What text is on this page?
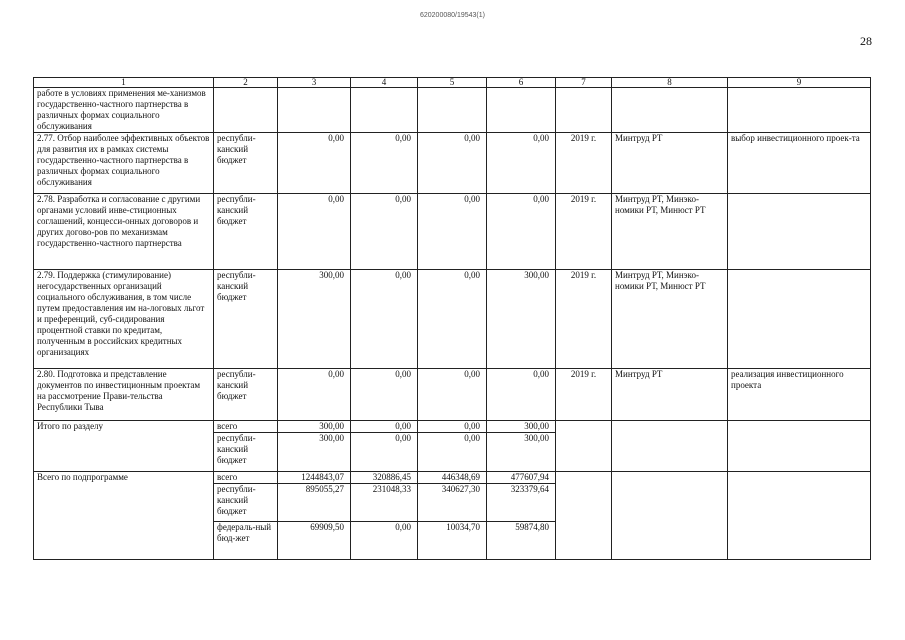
620200080/19543(1)
28
1	2	3	4	5	6	7	8	9
работе в условиях применения ме-ханизмов государственно-частного партнерства в различных формах социального обслуживания								
2.77. Отбор наиболее эффективных объектов для развития их в рамках системы государственно-частного партнерства в различных формах социального обслуживания	республи-канский бюджет	0,00	0,00	0,00	0,00	2019 г.	Минтруд РТ	выбор инвестиционного проек-та
2.78. Разработка и согласование с другими органами условий инве-стиционных соглашений, концесси-онных договоров и других догово-ров по механизмам государственно-частного партнерства	республи-канский бюджет	0,00	0,00	0,00	0,00	2019 г.	Минтруд РТ, Минэко-номики РТ, Минюст РТ	
2.79. Поддержка (стимулирование) негосударственных организаций социального обслуживания, в том числе путем предоставления им на-логовых льгот и преференций, суб-сидирования процентной ставки по кредитам, полученным в российских кредитных организациях	республи-канский бюджет	300,00	0,00	0,00	300,00	2019 г.	Минтруд РТ, Минэко-номики РТ, Минюст РТ	
2.80. Подготовка и представление документов по инвестиционным проектам на рассмотрение Прави-тельства Республики Тыва	республи-канский бюджет	0,00	0,00	0,00	0,00	2019 г.	Минтруд РТ	реализация инвестиционного проекта
Итого по разделу	всего	300,00	0,00	0,00	300,00			
	республи-канский бюджет	300,00	0,00	0,00	300,00			
Всего по подпрограмме	всего	1244843,07	320886,45	446348,69	477607,94			
	республи-канский бюджет	895055,27	231048,33	340627,30	323379,64			
	федераль-ный бюд-жет	69909,50	0,00	10034,70	59874,80			
